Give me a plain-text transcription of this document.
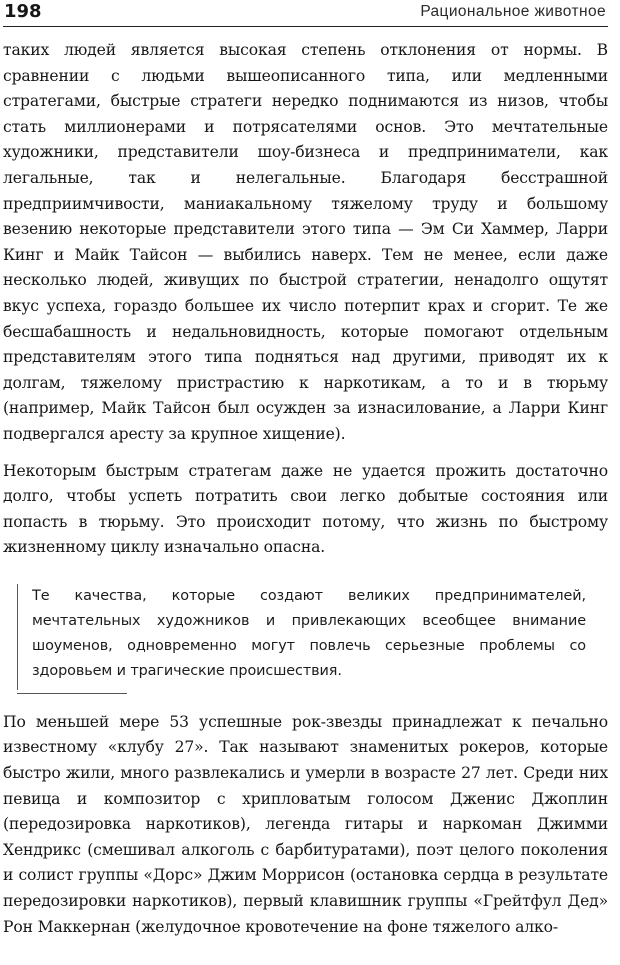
198	Рациональное животное

таких людей является высокая степень отклонения от нормы. В сравнении с людьми вышеописанного типа, или медленными стратегами, быстрые стратеги нередко поднимаются из низов, чтобы стать миллионерами и потрясателями основ. Это мечтательные художники, представители шоу-бизнеса и предприниматели, как легальные, так и нелегальные. Благодаря бесстрашной предприимчивости, маниакальному тяжелому труду и большому везению некоторые представители этого типа — Эм Си Хаммер, Ларри Кинг и Майк Тайсон — выбились наверх. Тем не менее, если даже несколько людей, живущих по быстрой стратегии, ненадолго ощутят вкус успеха, гораздо большее их число потерпит крах и сгорит. Те же бесшабашность и недальновидность, которые помогают отдельным представителям этого типа подняться над другими, приводят их к долгам, тяжелому пристрастию к наркотикам, а то и в тюрьму (например, Майк Тайсон был осужден за изнасилование, а Ларри Кинг подвергался аресту за крупное хищение).

Некоторым быстрым стратегам даже не удается прожить достаточно долго, чтобы успеть потратить свои легко добытые состояния или попасть в тюрьму. Это происходит потому, что жизнь по быстрому жизненному циклу изначально опасна.

Те качества, которые создают великих предпринимателей, мечтательных художников и привлекающих всеобщее внимание шоуменов, одновременно могут повлечь серьезные проблемы со здоровьем и трагические происшествия.

По меньшей мере 53 успешные рок-звезды принадлежат к печально известному «клубу 27». Так называют знаменитых рокеров, которые быстро жили, много развлекались и умерли в возрасте 27 лет. Среди них певица и композитор с хрипловатым голосом Дженис Джоплин (передозировка наркотиков), легенда гитары и наркоман Джимми Хендрикс (смешивал алкоголь с барбитуратами), поэт целого поколения и солист группы «Дорс» Джим Моррисон (остановка сердца в результате передозировки наркотиков), первый клавишник группы «Грейтфул Дед» Рон Маккернан (желудочное кровотечение на фоне тяжелого алко-
